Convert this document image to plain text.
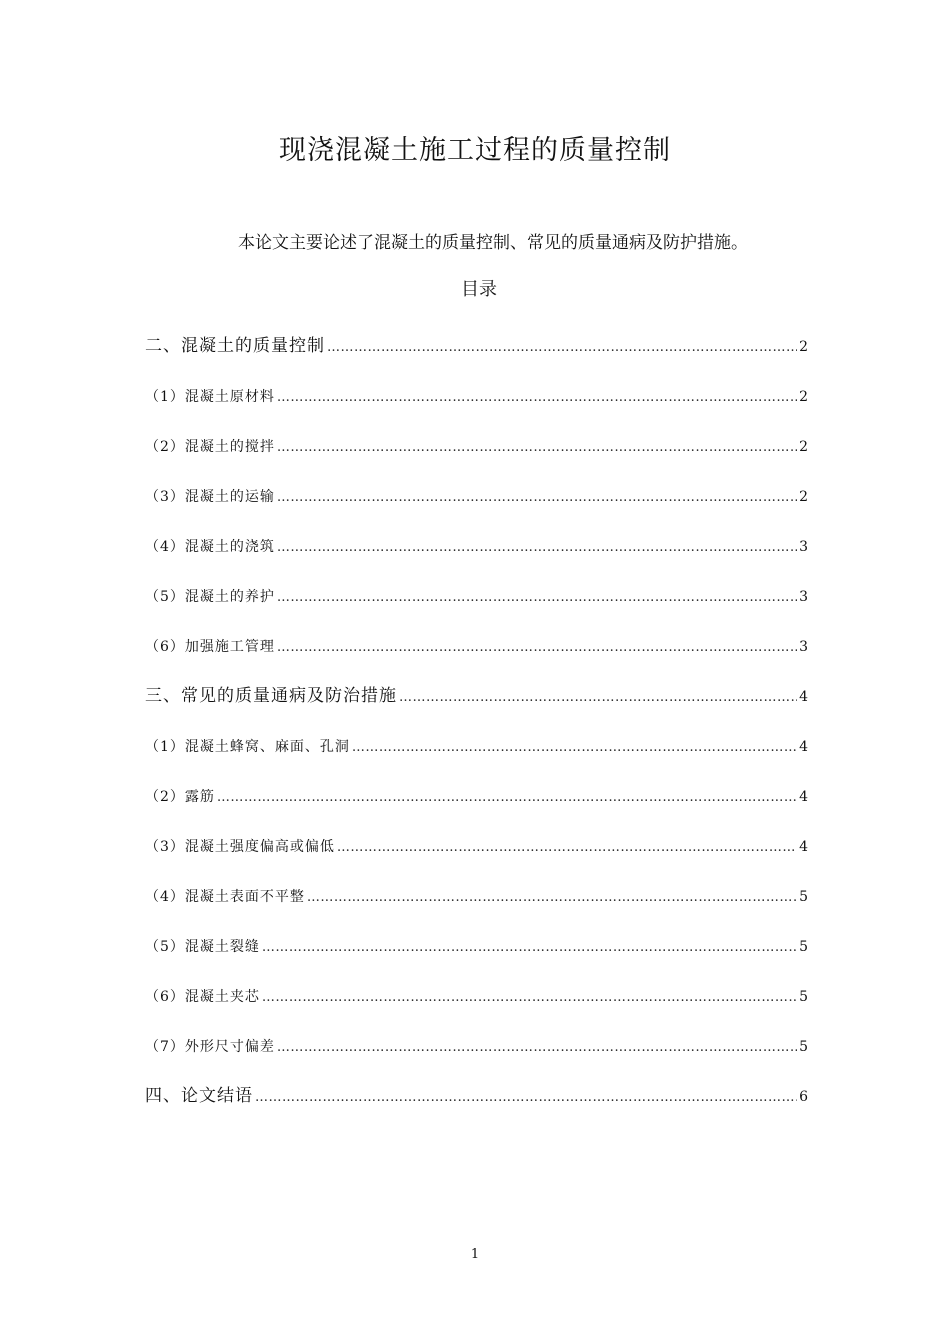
现浇混凝土施工过程的质量控制
本论文主要论述了混凝土的质量控制、常见的质量通病及防护措施。
目录
二、混凝土的质量控制 ……………………………………………………………………………………………………………………………………………	2
（1）混凝土原材料 ……………………………………………………………………………………………………………………………………………	2
（2）混凝土的搅拌 ……………………………………………………………………………………………………………………………………………	2
（3）混凝土的运输 ……………………………………………………………………………………………………………………………………………	2
（4）混凝土的浇筑 ……………………………………………………………………………………………………………………………………………	3
（5）混凝土的养护 ……………………………………………………………………………………………………………………………………………	3
（6）加强施工管理 ……………………………………………………………………………………………………………………………………………	3
三、常见的质量通病及防治措施 ……………………………………………………………………………………………………………………………………………	4
（1）混凝土蜂窝、麻面、孔洞 ……………………………………………………………………………………………………………………………………………	4
（2）露筋 ……………………………………………………………………………………………………………………………………………	4
（3）混凝土强度偏高或偏低 ……………………………………………………………………………………………………………………………………………	4
（4）混凝土表面不平整 ……………………………………………………………………………………………………………………………………………	5
（5）混凝土裂缝 ……………………………………………………………………………………………………………………………………………	5
（6）混凝土夹芯 ……………………………………………………………………………………………………………………………………………	5
（7）外形尺寸偏差 ……………………………………………………………………………………………………………………………………………	5
四、论文结语 ……………………………………………………………………………………………………………………………………………	6
1
